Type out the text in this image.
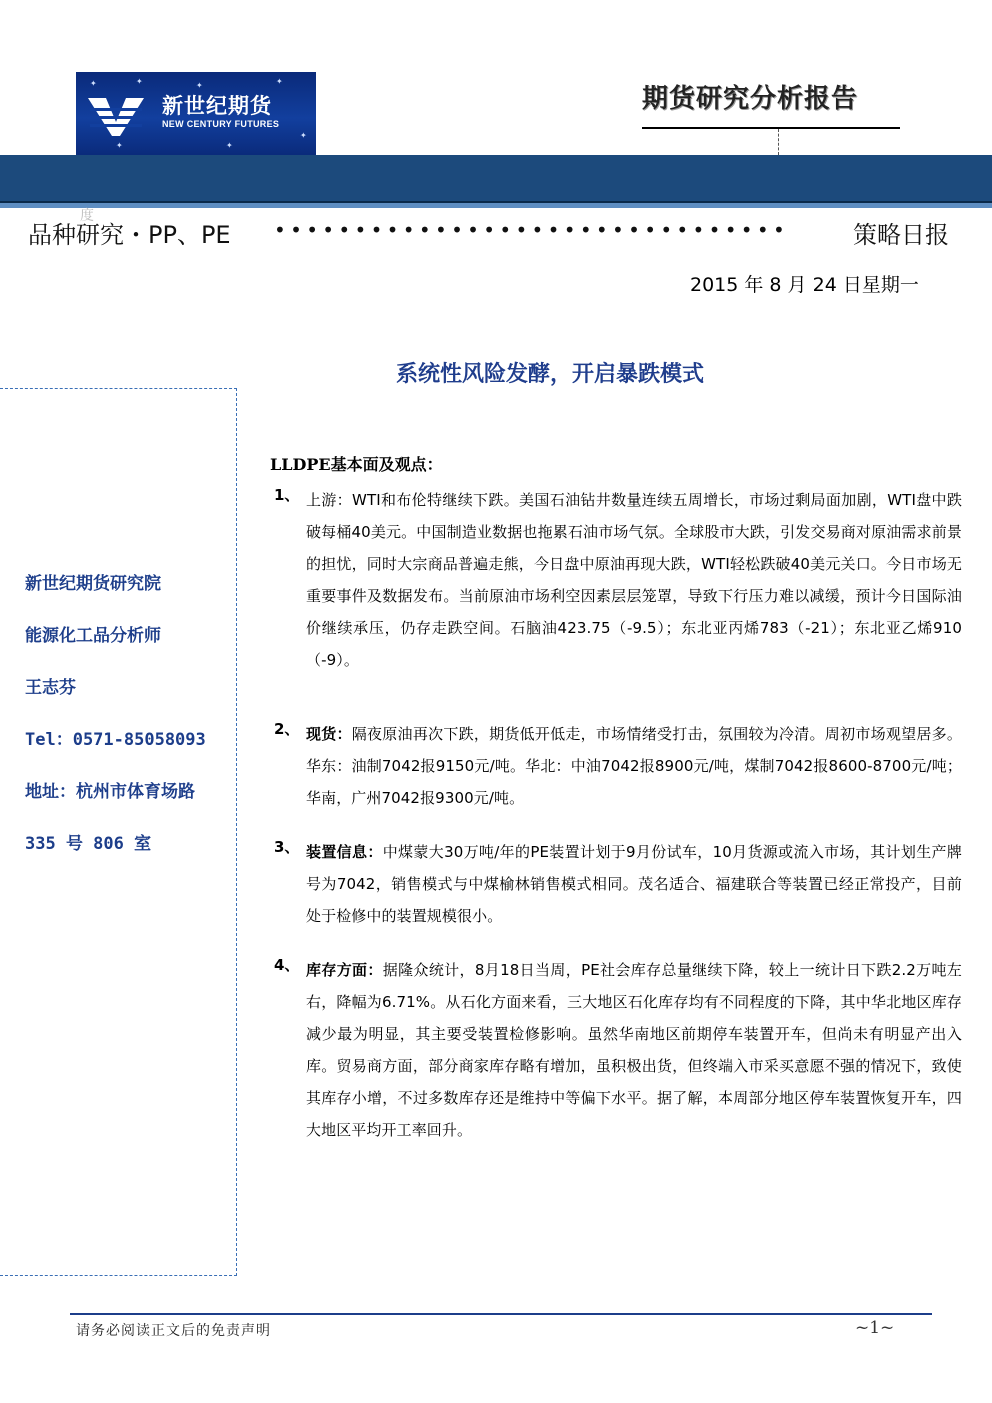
✦	✦	✦	✦
✦
✦	✦
新世纪期货
NEW CENTURY FUTURES
期货研究分析报告
度
品种研究・PP、PE ••••••••••••••••••••••••••••••••	策略日报
2015 年 8 月 24 日星期一
系统性风险发酵，开启暴跌模式
新世纪期货研究院
能源化工品分析师
王志芬
Tel：0571-85058093
地址：杭州市体育场路
335 号 806 室
LLDPE基本面及观点：
1、 上游：WTI和布伦特继续下跌。美国石油钻井数量连续五周增长，市场过剩局面加剧，WTI盘中跌破每桶40美元。中国制造业数据也拖累石油市场气氛。全球股市大跌，引发交易商对原油需求前景的担忧，同时大宗商品普遍走熊，今日盘中原油再现大跌，WTI轻松跌破40美元关口。今日市场无重要事件及数据发布。当前原油市场利空因素层层笼罩，导致下行压力难以减缓，预计今日国际油价继续承压，仍存走跌空间。石脑油423.75（-9.5）；东北亚丙烯783（-21）；东北亚乙烯910（-9）。
2、 现货：隔夜原油再次下跌，期货低开低走，市场情绪受打击，氛围较为冷清。周初市场观望居多。华东：油制7042报9150元/吨。华北：中油7042报8900元/吨，煤制7042报8600-8700元/吨；华南，广州7042报9300元/吨。
3、 装置信息：中煤蒙大30万吨/年的PE装置计划于9月份试车，10月货源或流入市场，其计划生产牌号为7042，销售模式与中煤榆林销售模式相同。茂名适合、福建联合等装置已经正常投产，目前处于检修中的装置规模很小。
4、 库存方面：据隆众统计，8月18日当周，PE社会库存总量继续下降，较上一统计日下跌2.2万吨左右，降幅为6.71%。从石化方面来看，三大地区石化库存均有不同程度的下降，其中华北地区库存减少最为明显，其主要受装置检修影响。虽然华南地区前期停车装置开车，但尚未有明显产出入库。贸易商方面，部分商家库存略有增加，虽积极出货，但终端入市采买意愿不强的情况下，致使其库存小增，不过多数库存还是维持中等偏下水平。据了解，本周部分地区停车装置恢复开车，四大地区平均开工率回升。
请务必阅读正文后的免责声明	~1~
